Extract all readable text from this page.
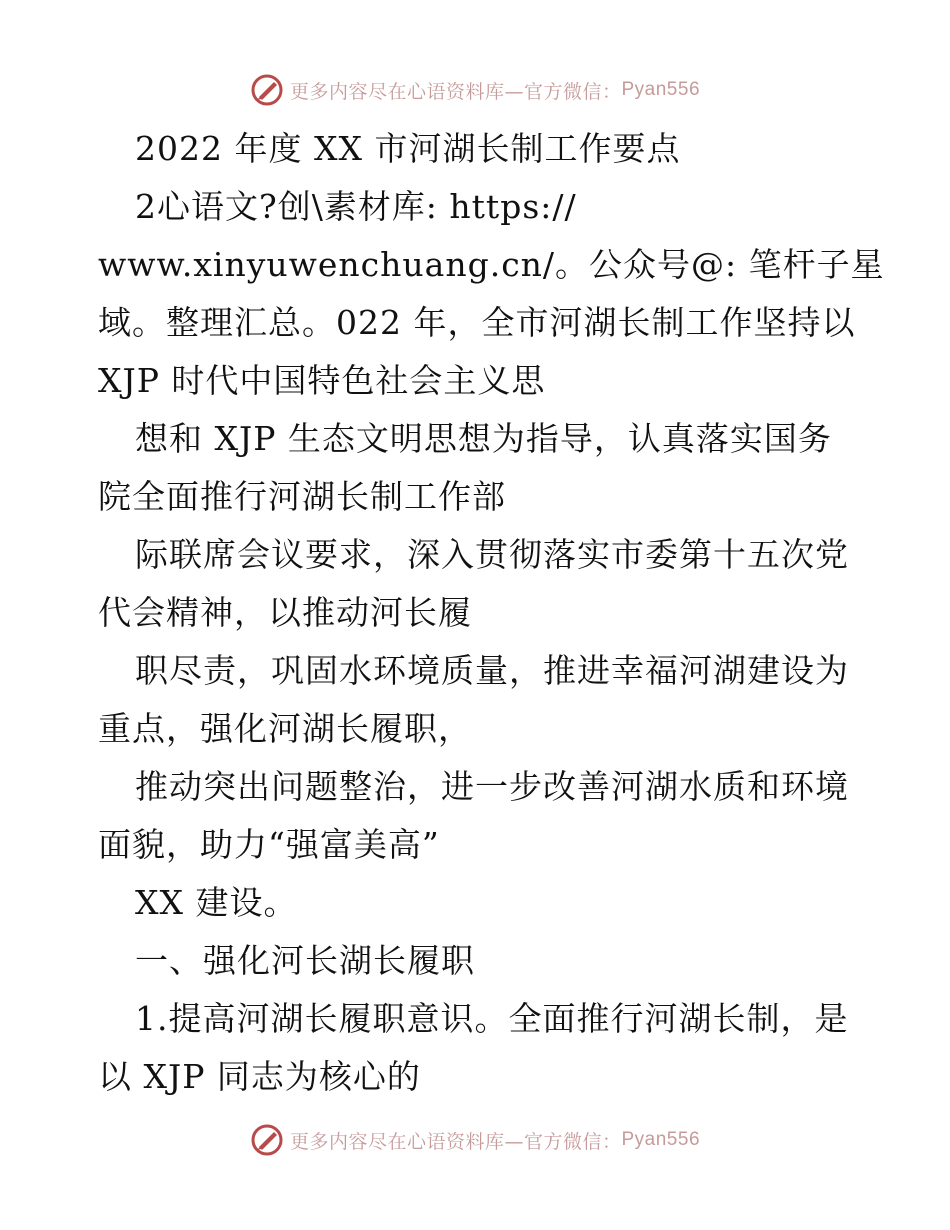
更多内容尽在心语资料库—官方微信： Pyan556
2022 年度 XX 市河湖长制工作要点
2心语文?创\素材库: https://
www.xinyuwenchuang.cn/。公众号@: 笔杆子星
域。整理汇总。022 年，全市河湖长制工作坚持以
XJP 时代中国特色社会主义思
想和 XJP 生态文明思想为指导，认真落实国务
院全面推行河湖长制工作部
际联席会议要求，深入贯彻落实市委第十五次党
代会精神，以推动河长履
职尽责，巩固水环境质量，推进幸福河湖建设为
重点，强化河湖长履职，
推动突出问题整治，进一步改善河湖水质和环境
面貌，助力“强富美高”
XX 建设。
一、强化河长湖长履职
1.提高河湖长履职意识。全面推行河湖长制，是
以 XJP 同志为核心的
更多内容尽在心语资料库—官方微信： Pyan556
